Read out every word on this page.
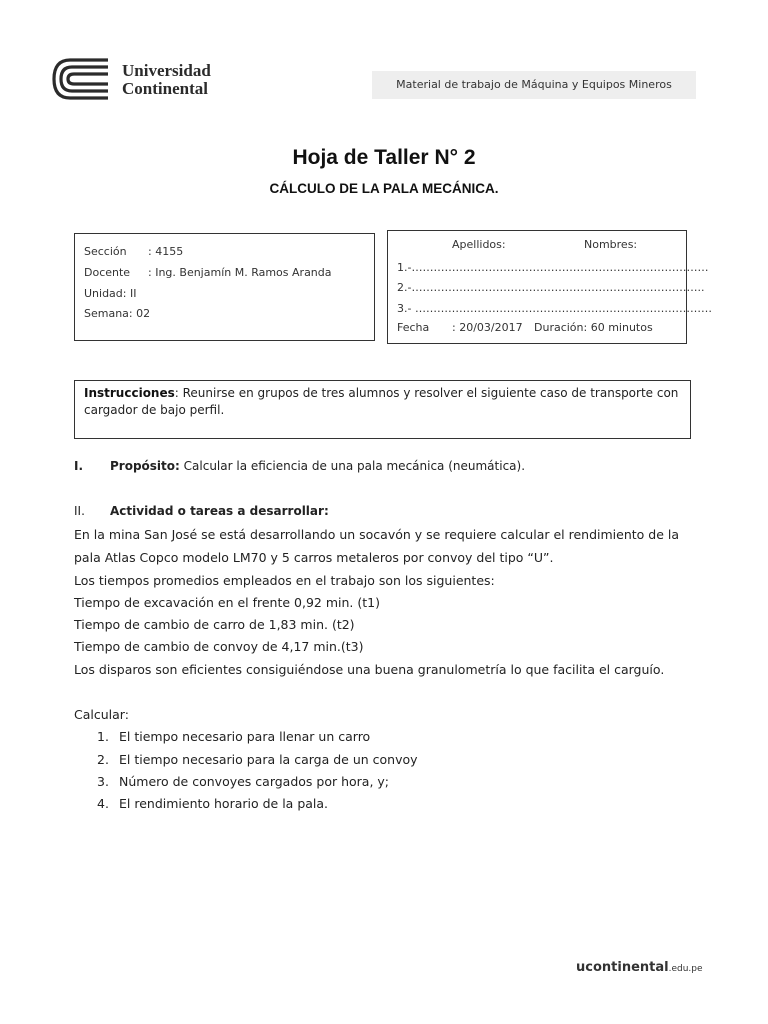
Universidad
Continental	Material de trabajo de Máquina y Equipos Mineros
Hoja de Taller N° 2
CÁLCULO DE LA PALA MECÁNICA.
Sección : 4155
Docente : Ing. Benjamín M. Ramos Aranda
Unidad: II
Semana: 02
Apellidos:	Nombres:
1.-………………………………………………………………………
2.-……………………………………………………………………..
3.- ………………………………………………………………………
Fecha : 20/03/2017 Duración: 60 minutos
Instrucciones: Reunirse en grupos de tres alumnos y resolver el siguiente caso de transporte con cargador de bajo perfil.
I. Propósito: Calcular la eficiencia de una pala mecánica (neumática).
II. Actividad o tareas a desarrollar:
En la mina San José se está desarrollando un socavón y se requiere calcular el rendimiento de la
pala Atlas Copco modelo LM70 y 5 carros metaleros por convoy del tipo “U”.
Los tiempos promedios empleados en el trabajo son los siguientes:
Tiempo de excavación en el frente 0,92 min. (t1)
Tiempo de cambio de carro de 1,83 min. (t2)
Tiempo de cambio de convoy de 4,17 min.(t3)
Los disparos son eficientes consiguiéndose una buena granulometría lo que facilita el carguío.
Calcular:
1. El tiempo necesario para llenar un carro
2. El tiempo necesario para la carga de un convoy
3. Número de convoyes cargados por hora, y;
4. El rendimiento horario de la pala.
ucontinental.edu.pe
